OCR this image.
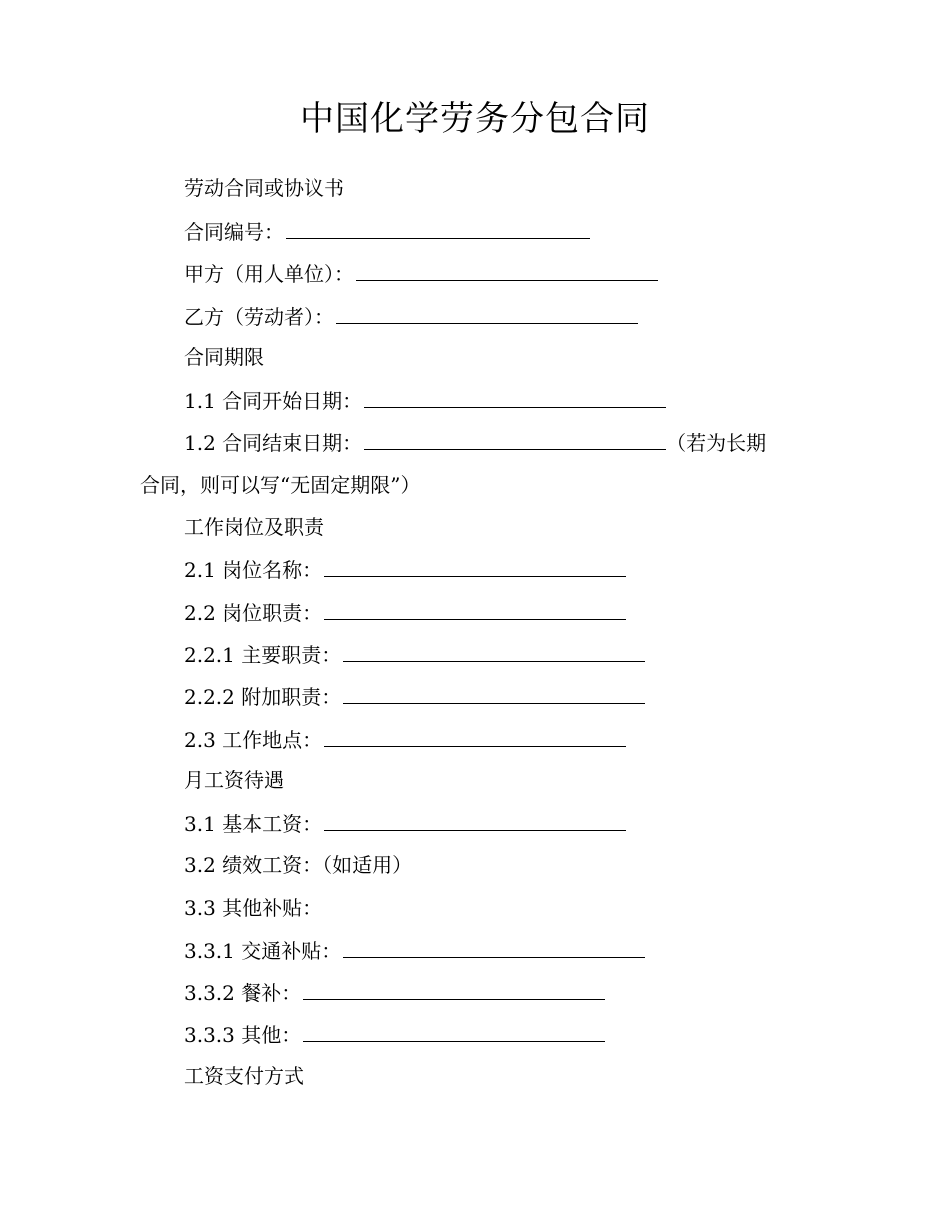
中国化学劳务分包合同
劳动合同或协议书
合同编号：
甲方（用人单位）：
乙方（劳动者）：
合同期限
1.1 合同开始日期：
1.2 合同结束日期：	（若为长期
合同，则可以写“无固定期限”）
工作岗位及职责
2.1 岗位名称：
2.2 岗位职责：
2.2.1 主要职责：
2.2.2 附加职责：
2.3 工作地点：
月工资待遇
3.1 基本工资：
3.2 绩效工资：（如适用）
3.3 其他补贴：
3.3.1 交通补贴：
3.3.2 餐补：
3.3.3 其他：
工资支付方式
